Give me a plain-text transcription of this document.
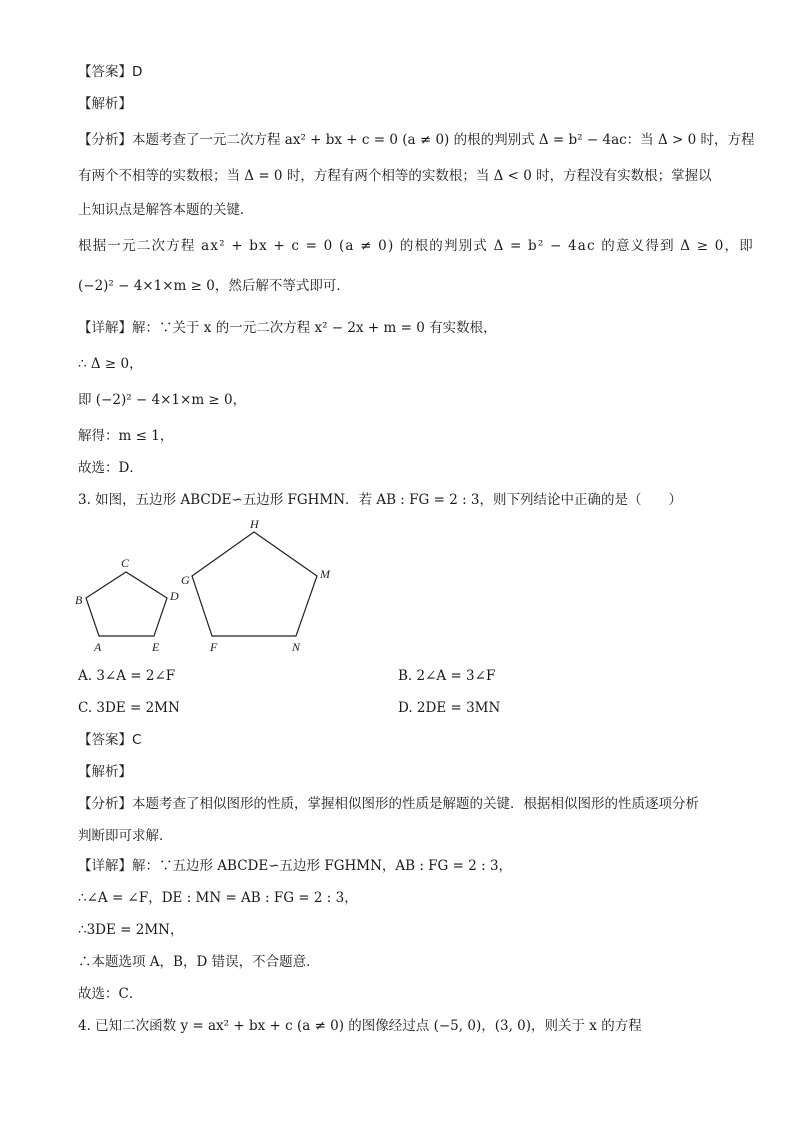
【答案】D
【解析】
【分析】本题考查了一元二次方程 ax² + bx + c = 0 (a ≠ 0) 的根的判别式 Δ = b² − 4ac：当 Δ > 0 时，方程
有两个不相等的实数根；当 Δ = 0 时，方程有两个相等的实数根；当 Δ < 0 时，方程没有实数根；掌握以
上知识点是解答本题的关键．
根据一元二次方程 ax² + bx + c = 0 (a ≠ 0) 的根的判别式 Δ = b² − 4ac 的意义得到 Δ ≥ 0，即
(−2)² − 4×1×m ≥ 0，然后解不等式即可．
【详解】解：∵关于 x 的一元二次方程 x² − 2x + m = 0 有实数根，
∴ Δ ≥ 0，
即 (−2)² − 4×1×m ≥ 0，
解得：m ≤ 1，
故选：D．
3. 如图，五边形 ABCDE∽五边形 FGHMN．若 AB : FG = 2 : 3，则下列结论中正确的是（　　）
A
B
C
D
E	F
G
H
M
N
A. 3∠A = 2∠F	B. 2∠A = 3∠F
C. 3DE = 2MN	D. 2DE = 3MN
【答案】C
【解析】
【分析】本题考查了相似图形的性质，掌握相似图形的性质是解题的关键．根据相似图形的性质逐项分析
判断即可求解．
【详解】解：∵五边形 ABCDE∽五边形 FGHMN，AB : FG = 2 : 3，
∴∠A = ∠F，DE : MN = AB : FG = 2 : 3，
∴3DE = 2MN，
∴本题选项 A，B，D 错误，不合题意．
故选：C．
4. 已知二次函数 y = ax² + bx + c (a ≠ 0) 的图像经过点 (−5, 0)，(3, 0)，则关于 x 的方程
